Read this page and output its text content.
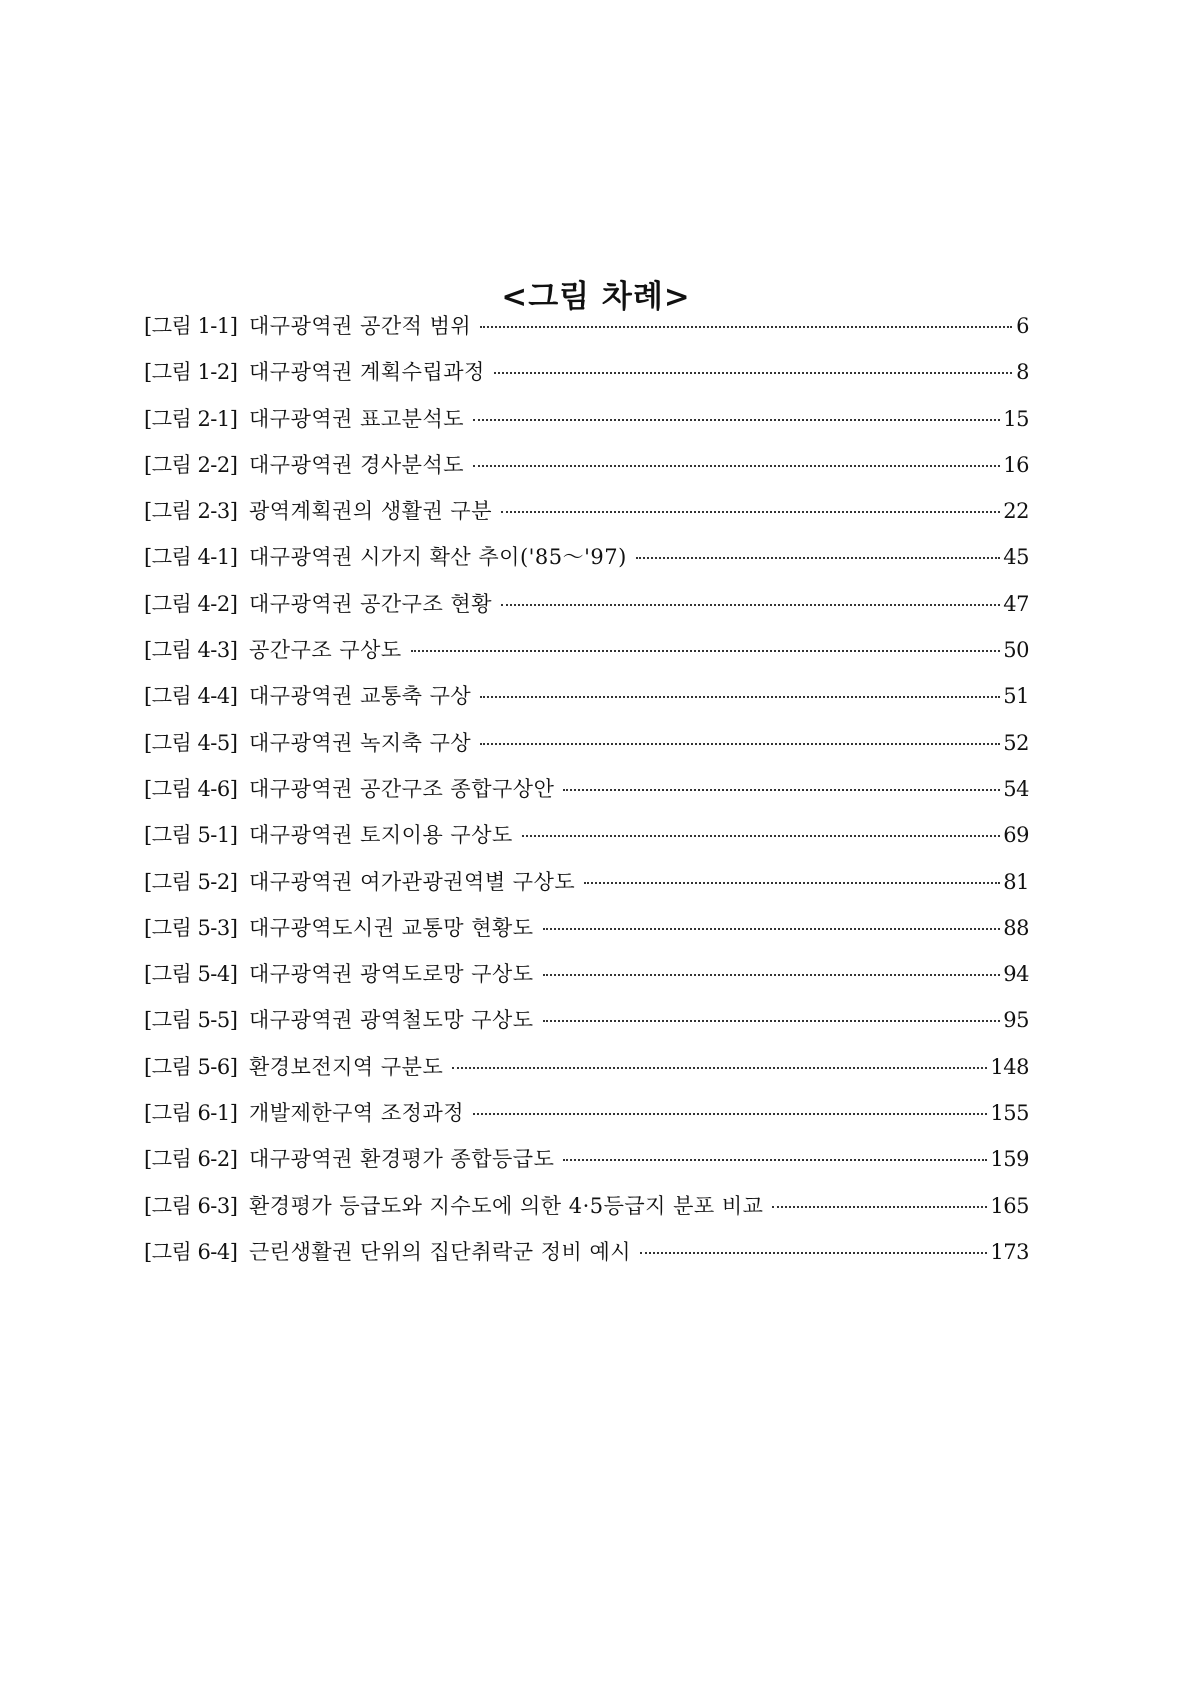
<그림 차례>
[그림 1-1] 대구광역권 공간적 범위	6
[그림 1-2] 대구광역권 계획수립과정	8
[그림 2-1] 대구광역권 표고분석도	15
[그림 2-2] 대구광역권 경사분석도	16
[그림 2-3] 광역계획권의 생활권 구분	22
[그림 4-1] 대구광역권 시가지 확산 추이('85～'97)	45
[그림 4-2] 대구광역권 공간구조 현황	47
[그림 4-3] 공간구조 구상도	50
[그림 4-4] 대구광역권 교통축 구상	51
[그림 4-5] 대구광역권 녹지축 구상	52
[그림 4-6] 대구광역권 공간구조 종합구상안	54
[그림 5-1] 대구광역권 토지이용 구상도	69
[그림 5-2] 대구광역권 여가관광권역별 구상도	81
[그림 5-3] 대구광역도시권 교통망 현황도	88
[그림 5-4] 대구광역권 광역도로망 구상도	94
[그림 5-5] 대구광역권 광역철도망 구상도	95
[그림 5-6] 환경보전지역 구분도	148
[그림 6-1] 개발제한구역 조정과정	155
[그림 6-2] 대구광역권 환경평가 종합등급도	159
[그림 6-3] 환경평가 등급도와 지수도에 의한 4·5등급지 분포 비교	165
[그림 6-4] 근린생활권 단위의 집단취락군 정비 예시	173
